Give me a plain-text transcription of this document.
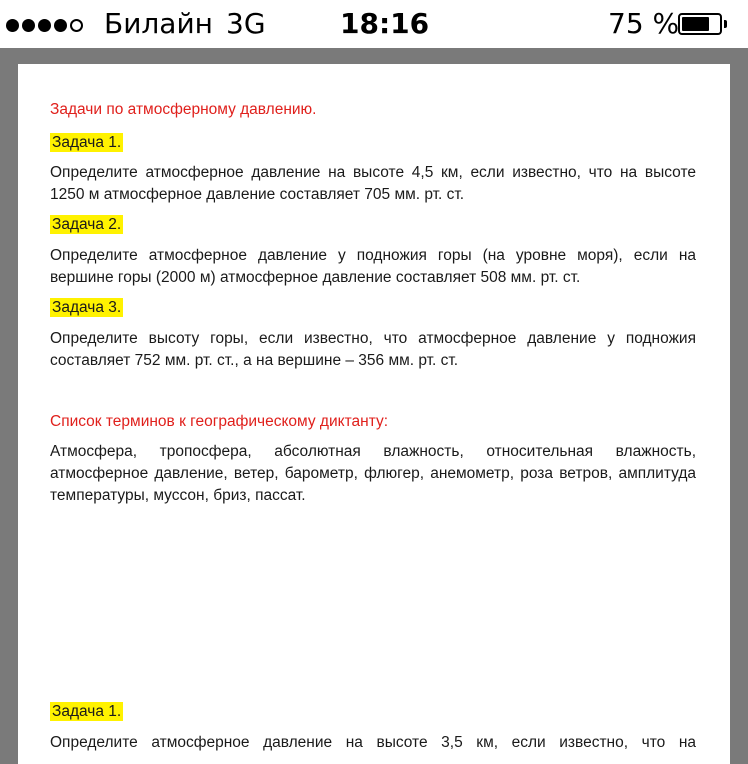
Билайн 3G	18:16	75 %
Задачи по атмосферному давлению.
Задача 1.
Определите атмосферное давление на высоте 4,5 км, если известно, что на высоте 1250 м атмосферное давление составляет 705 мм. рт. ст.
Задача 2.
Определите атмосферное давление у подножия горы (на уровне моря), если на вершине горы (2000 м) атмосферное давление составляет 508 мм. рт. ст.
Задача 3.
Определите высоту горы, если известно, что атмосферное давление у подножия составляет 752 мм. рт. ст., а на вершине – 356 мм. рт. ст.
Список терминов к географическому диктанту:
Атмосфера, тропосфера, абсолютная влажность, относительная влажность, атмосферное давление, ветер, барометр, флюгер, анемометр, роза ветров, амплитуда температуры, муссон, бриз, пассат.
Задача 1.
Определите атмосферное давление на высоте 3,5 км, если известно, что на
